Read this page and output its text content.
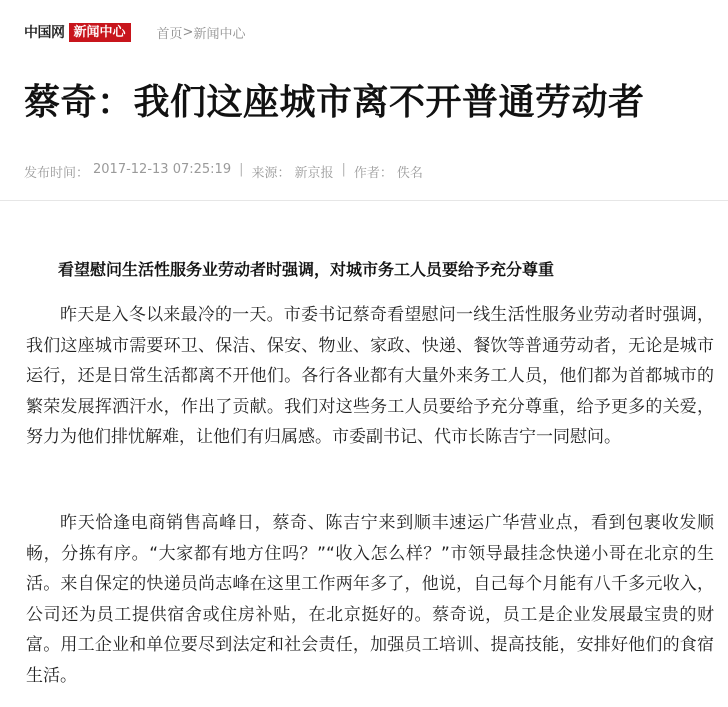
中国网 新闻中心	首页 > 新闻中心
蔡奇：我们这座城市离不开普通劳动者
发布时间： 2017-12-13 07:25:19 | 来源： 新京报 | 作者： 佚名
看望慰问生活性服务业劳动者时强调，对城市务工人员要给予充分尊重

昨天是入冬以来最冷的一天。市委书记蔡奇看望慰问一线生活性服务业劳动者时强调，我们这座城市需要环卫、保洁、保安、物业、家政、快递、餐饮等普通劳动者，无论是城市运行，还是日常生活都离不开他们。各行各业都有大量外来务工人员，他们都为首都城市的繁荣发展挥洒汗水，作出了贡献。我们对这些务工人员要给予充分尊重，给予更多的关爱，努力为他们排忧解难，让他们有归属感。市委副书记、代市长陈吉宁一同慰问。

昨天恰逢电商销售高峰日，蔡奇、陈吉宁来到顺丰速运广华营业点，看到包裹收发顺畅，分拣有序。“大家都有地方住吗？”“收入怎么样？”市领导最挂念快递小哥在北京的生活。来自保定的快递员尚志峰在这里工作两年多了，他说，自己每个月能有八千多元收入，公司还为员工提供宿舍或住房补贴，在北京挺好的。蔡奇说，员工是企业发展最宝贵的财富。用工企业和单位要尽到法定和社会责任，加强员工培训、提高技能，安排好他们的食宿生活。
